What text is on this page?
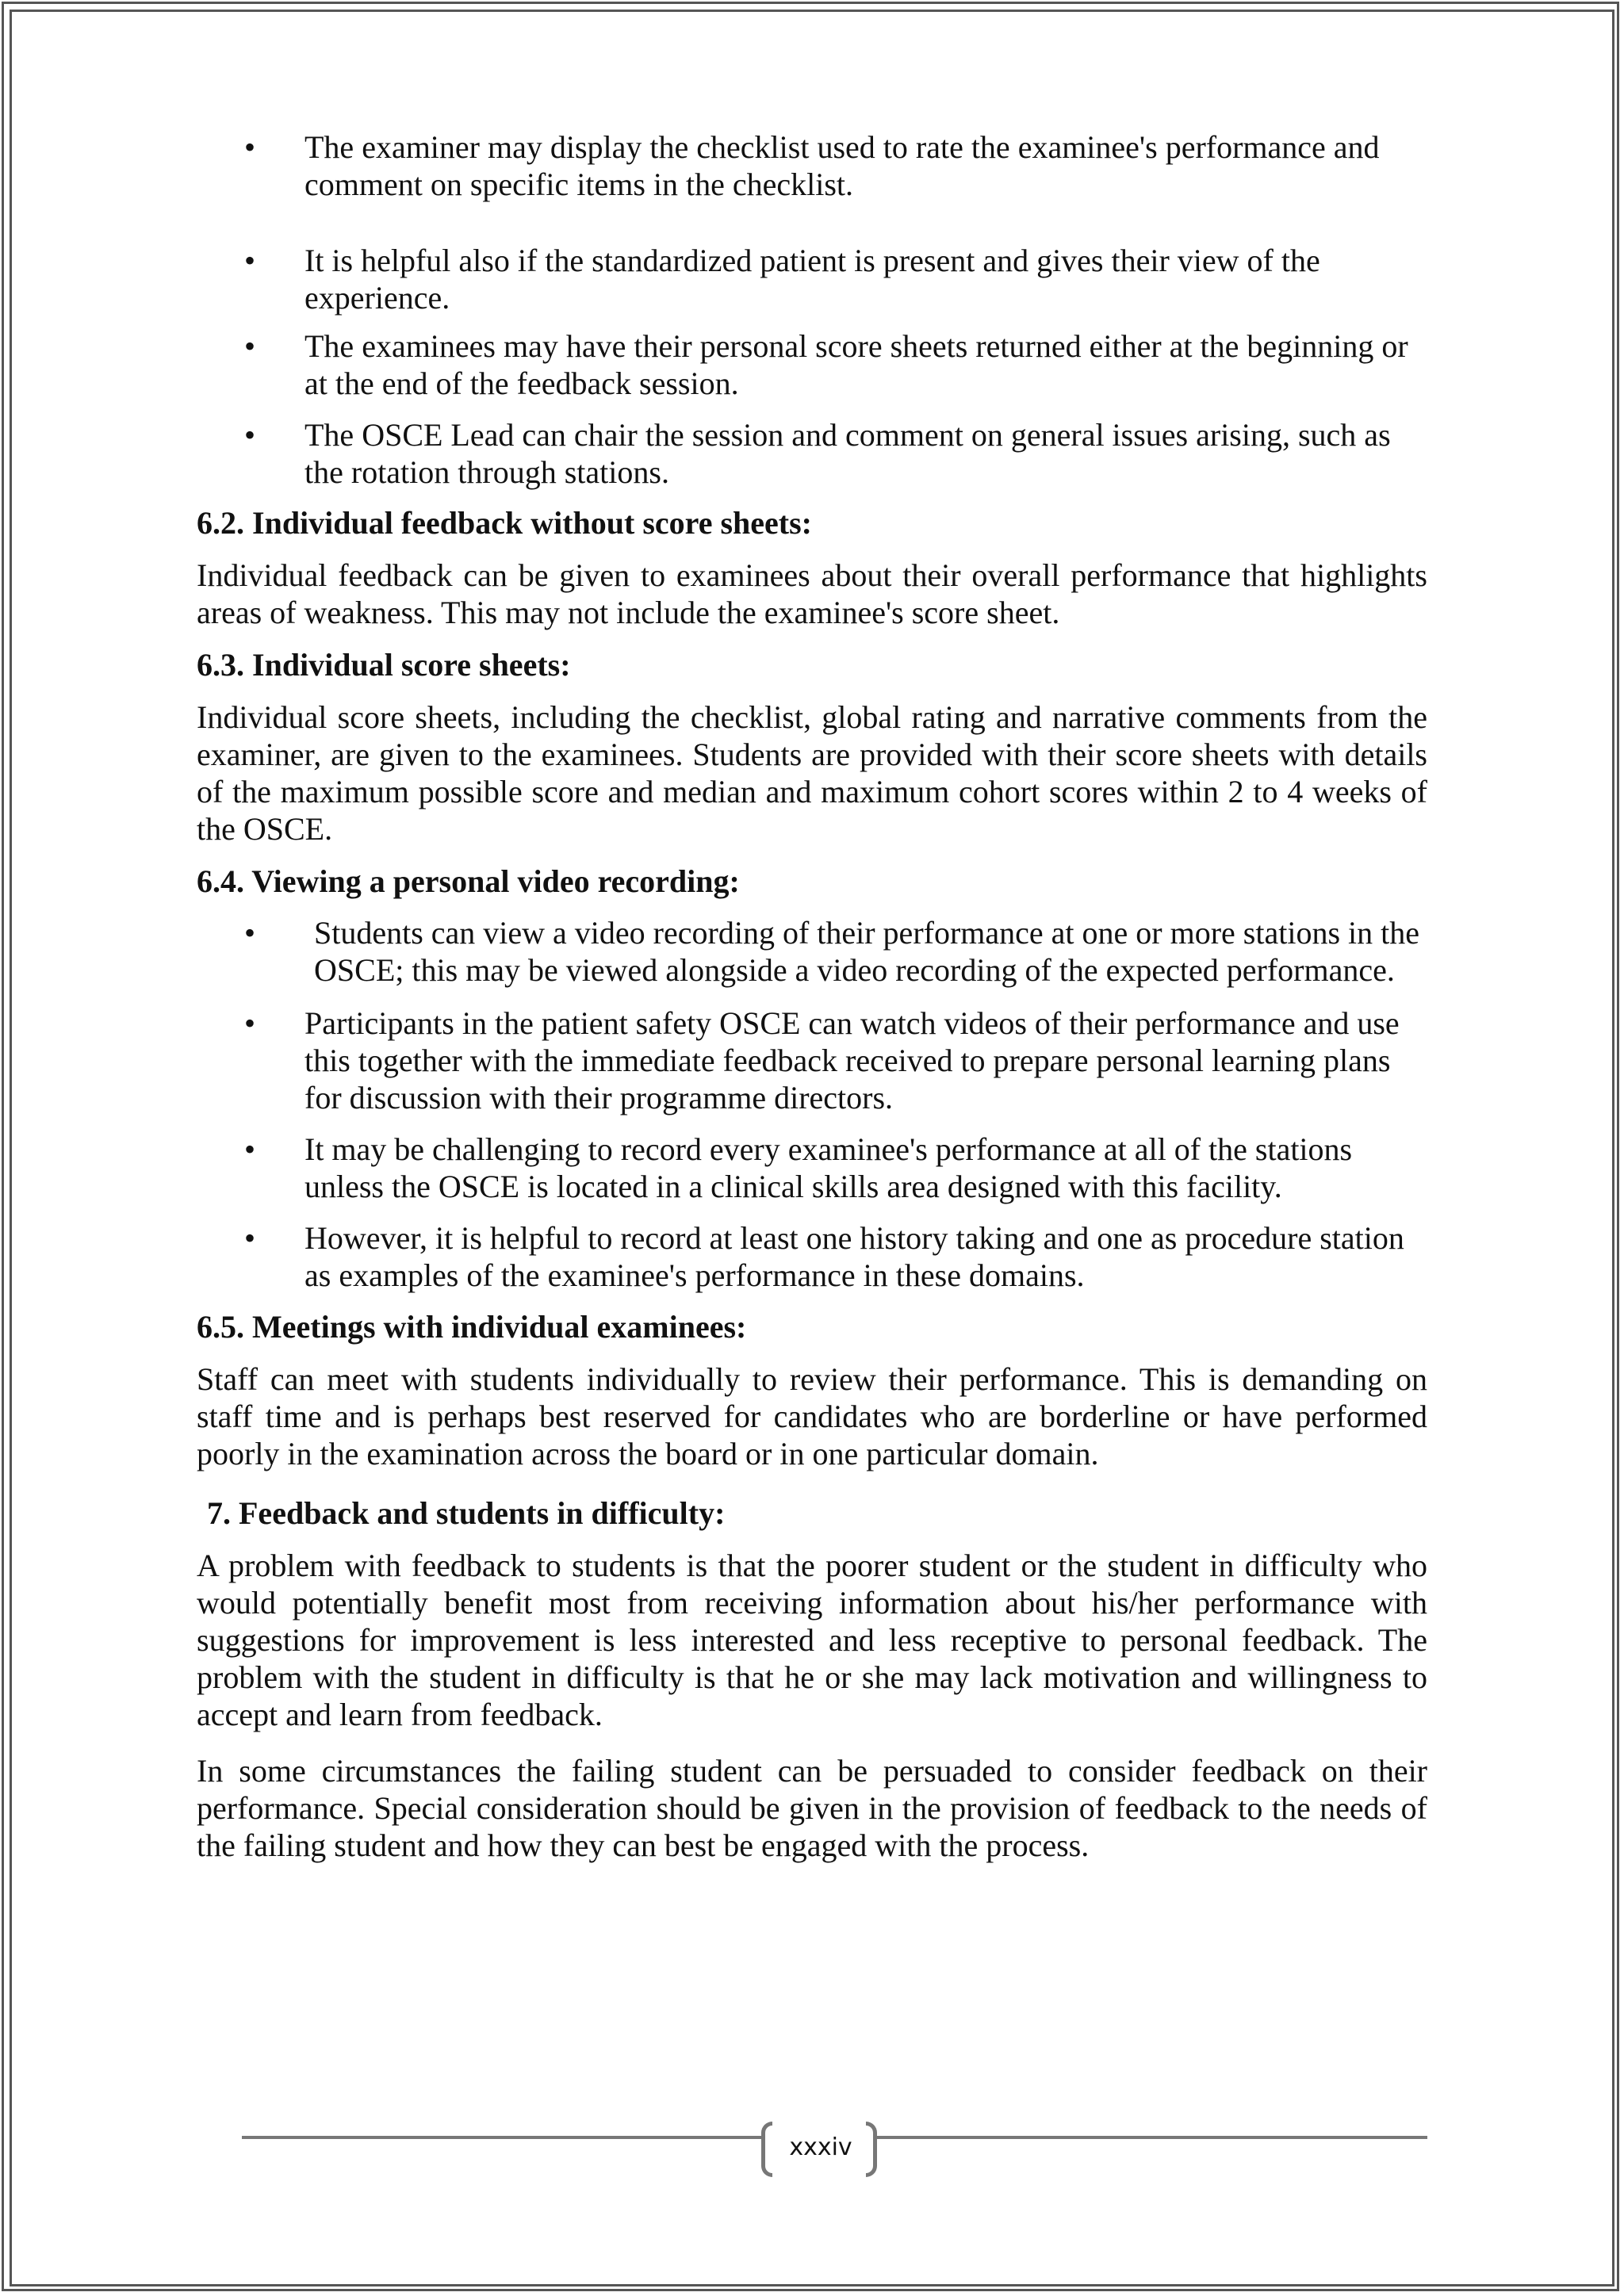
• The examiner may display the checklist used to rate the examinee's performance and comment on specific items in the checklist.
• It is helpful also if the standardized patient is present and gives their view of the experience.
• The examinees may have their personal score sheets returned either at the beginning or at the end of the feedback session.
• The OSCE Lead can chair the session and comment on general issues arising, such as the rotation through stations.
6.2. Individual feedback without score sheets:

Individual feedback can be given to examinees about their overall performance that highlights areas of weakness. This may not include the examinee's score sheet.

6.3. Individual score sheets:

Individual score sheets, including the checklist, global rating and narrative comments from the examiner, are given to the examinees. Students are provided with their score sheets with details of the maximum possible score and median and maximum cohort scores within 2 to 4 weeks of the OSCE.

6.4. Viewing a personal video recording:
• Students can view a video recording of their performance at one or more stations in the OSCE; this may be viewed alongside a video recording of the expected performance.
• Participants in the patient safety OSCE can watch videos of their performance and use this together with the immediate feedback received to prepare personal learning plans for discussion with their programme directors.
• It may be challenging to record every examinee's performance at all of the stations unless the OSCE is located in a clinical skills area designed with this facility.
• However, it is helpful to record at least one history taking and one as procedure station as examples of the examinee's performance in these domains.
6.5. Meetings with individual examinees:

Staff can meet with students individually to review their performance. This is demanding on staff time and is perhaps best reserved for candidates who are borderline or have performed poorly in the examination across the board or in one particular domain.

7. Feedback and students in difficulty:

A problem with feedback to students is that the poorer student or the student in difficulty who would potentially benefit most from receiving information about his/her performance with suggestions for improvement is less interested and less receptive to personal feedback. The problem with the student in difficulty is that he or she may lack motivation and willingness to accept and learn from feedback.

In some circumstances the failing student can be persuaded to consider feedback on their performance. Special consideration should be given in the provision of feedback to the needs of the failing student and how they can best be engaged with the process.

xxxiv
